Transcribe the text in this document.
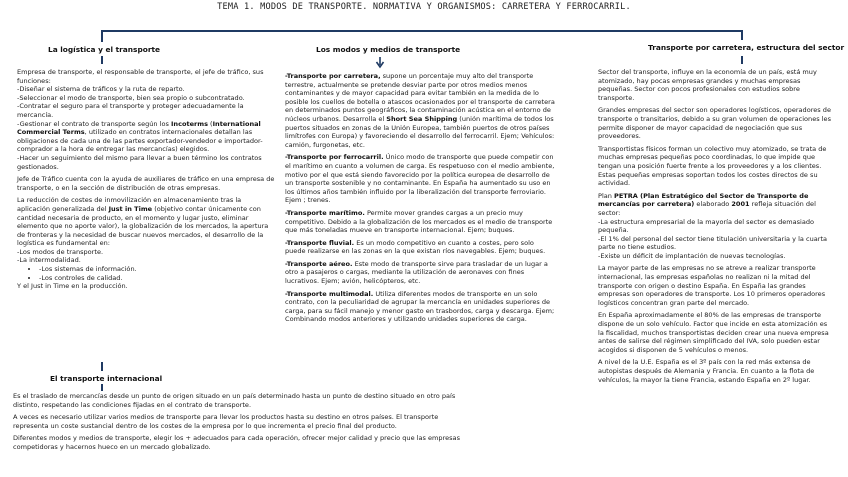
TEMA 1. MODOS DE TRANSPORTE. NORMATIVA Y ORGANISMOS: CARRETERA Y FERROCARRIL.
La logística y el transporte	Los modos y medios de transporte	Transporte por carretera, estructura del sector
El transporte internacional
Empresa de transporte, el responsable de transporte, el jefe de tráfico, sus funciones:
-Diseñar el sistema de tráficos y la ruta de reparto.
-Seleccionar el modo de transporte, bien sea propio o subcontratado.
-Contratar el seguro para el transporte y proteger adecuadamente la mercancía.
-Gestionar el contrato de transporte según los Incoterms (International Commercial Terms, utilizado en contratos internacionales detallan las obligaciones de cada una de las partes exportador-vendedor e importador-comprador a la hora de entregar las mercancías) elegidos.

-Hacer un seguimiento del mismo para llevar a buen término los contratos gestionados.

Jefe de Tráfico cuenta con la ayuda de auxiliares de tráfico en una empresa de transporte, o en la sección de distribución de otras empresas.

La reducción de costes de inmovilización en almacenamiento tras la aplicación generalizada del Just in Time (objetivo contar únicamente con cantidad necesaria de producto, en el momento y lugar justo, eliminar elemento que no aporte valor), la globalización de los mercados, la apertura de fronteras y la necesidad de buscar nuevos mercados, el desarrollo de la logística es fundamental en:
-Los modos de transporte.
-La intermodalidad.
• -Los sistemas de información.
• -Los controles de calidad.
Y el Just in Time en la producción.

Es el traslado de mercancías desde un punto de origen situado en un país determinado hasta un punto de destino situado en otro país distinto, respetando las condiciones fijadas en el contrato de transporte.

A veces es necesario utilizar varios medios de transporte para llevar los productos hasta su destino en otros países. El transporte representa un coste sustancial dentro de los costes de la empresa por lo que incrementa el precio final del producto.

Diferentes modos y medios de transporte, elegir los + adecuados para cada operación, ofrecer mejor calidad y precio que las empresas competidoras y hacernos hueco en un mercado globalizado.

-Transporte por carretera, supone un porcentaje muy alto del transporte terrestre, actualmente se pretende desviar parte por otros medios menos contaminantes y de mayor capacidad para evitar también en la medida de lo posible los cuellos de botella o atascos ocasionados por el transporte de carretera en determinados puntos geográficos, la contaminación acústica en el entorno de núcleos urbanos. Desarrolla el Short Sea Shipping (unión marítima de todos los puertos situados en zonas de la Unión Europea, también puertos de otros países limítrofes con Europa) y favoreciendo el desarrollo del ferrocarril. Ejem; Vehículos: camión, furgonetas, etc.

-Transporte por ferrocarril. Único modo de transporte que puede competir con el marítimo en cuanto a volumen de carga. Es respetuoso con el medio ambiente, motivo por el que está siendo favorecido por la política europea de desarrollo de un transporte sostenible y no contaminante. En España ha aumentado su uso en los últimos años también influido por la liberalización del transporte ferroviario. Ejem ; trenes.

-Transporte marítimo. Permite mover grandes cargas a un precio muy competitivo. Debido a la globalización de los mercados es el medio de transporte que más toneladas mueve en transporte internacional. Ejem; buques.

-Transporte fluvial. Es un modo competitivo en cuanto a costes, pero solo puede realizarse en las zonas en la que existan ríos navegables. Ejem; buques.

-Transporte aéreo. Este modo de transporte sirve para trasladar de un lugar a otro a pasajeros o cargas, mediante la utilización de aeronaves con fines lucrativos. Ejem; avión, helicópteros, etc.

-Transporte multimodal. Utiliza diferentes modos de transporte en un solo contrato, con la peculiaridad de agrupar la mercancía en unidades superiores de carga, para su fácil manejo y menor gasto en trasbordos, carga y descarga. Ejem; Combinando modos anteriores y utilizando unidades superiores de carga.

Sector del transporte, influye en la economía de un país, está muy atomizado, hay pocas empresas grandes y muchas empresas pequeñas. Sector con pocos profesionales con estudios sobre transporte.

Grandes empresas del sector son operadores logísticos, operadores de transporte o transitarios, debido a su gran volumen de operaciones les permite disponer de mayor capacidad de negociación que sus proveedores.

Transportistas físicos forman un colectivo muy atomizado, se trata de muchas empresas pequeñas poco coordinadas, lo que impide que tengan una posición fuerte frente a los proveedores y a los clientes. Estas pequeñas empresas soportan todos los costes directos de su actividad.

Plan PETRA (Plan Estratégico del Sector de Transporte de mercancías por carretera) elaborado 2001 refleja situación del sector:
-La estructura empresarial de la mayoría del sector es demasiado pequeña.
-El 1% del personal del sector tiene titulación universitaria y la cuarta parte no tiene estudios.

-Existe un déficit de implantación de nuevas tecnologías.

La mayor parte de las empresas no se atreve a realizar transporte internacional, las empresas españolas no realizan ni la mitad del transporte con origen o destino España. En España las grandes empresas son operadores de transporte. Los 10 primeros operadores logísticos concentran gran parte del mercado.

En España aproximadamente el 80% de las empresas de transporte dispone de un solo vehículo. Factor que incide en esta atomización es la fiscalidad, muchos transportistas deciden crear una nueva empresa antes de salirse del régimen simplificado del IVA, solo pueden estar acogidos si disponen de 5 vehículos o menos.

A nivel de la U.E. España es el 3º país con la red más extensa de autopistas después de Alemania y Francia. En cuanto a la flota de vehículos, la mayor la tiene Francia, estando España en 2º lugar.
